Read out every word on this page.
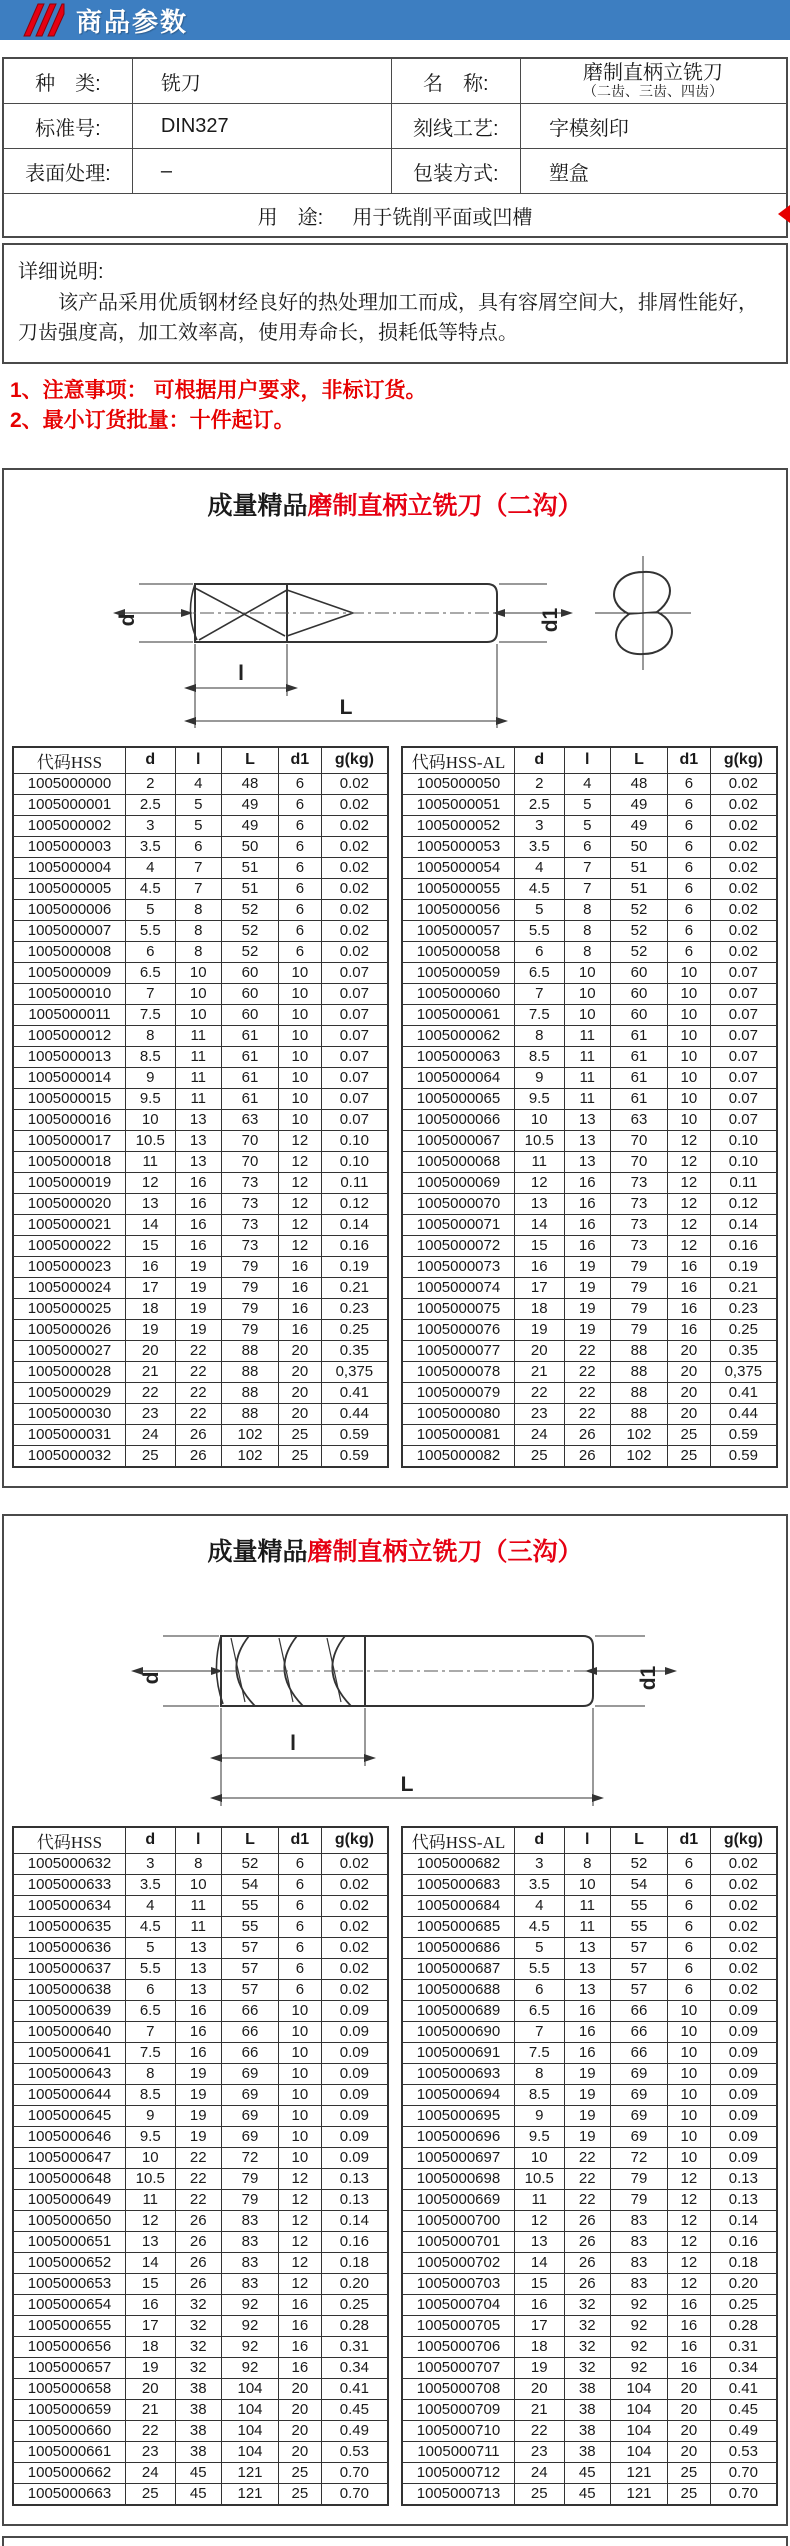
商品参数
种　类:	铣刀	名　称:	磨制直柄立铣刀
（二齿、三齿、四齿）

标准号:	DIN327	刻线工艺:	字模刻印
表面处理:	–	包装方式:	塑盒
用　途: 用于铣削平面或凹槽			
详细说明:
该产品采用优质钢材经良好的热处理加工而成，具有容屑空间大，排屑性能好，刀齿强度高，加工效率高，使用寿命长，损耗低等特点。
1、注意事项： 可根据用户要求，非标订货。
2、最小订货批量：十件起订。
成量精品磨制直柄立铣刀（二沟）
d	d1
l
L
代码HSS	d	l	L	d1	g(kg)
1005000000	2	4	48	6	0.02
1005000001	2.5	5	49	6	0.02
1005000002	3	5	49	6	0.02
1005000003	3.5	6	50	6	0.02
1005000004	4	7	51	6	0.02
1005000005	4.5	7	51	6	0.02
1005000006	5	8	52	6	0.02
1005000007	5.5	8	52	6	0.02
1005000008	6	8	52	6	0.02
1005000009	6.5	10	60	10	0.07
1005000010	7	10	60	10	0.07
1005000011	7.5	10	60	10	0.07
1005000012	8	11	61	10	0.07
1005000013	8.5	11	61	10	0.07
1005000014	9	11	61	10	0.07
1005000015	9.5	11	61	10	0.07
1005000016	10	13	63	10	0.07
1005000017	10.5	13	70	12	0.10
1005000018	11	13	70	12	0.10
1005000019	12	16	73	12	0.11
1005000020	13	16	73	12	0.12
1005000021	14	16	73	12	0.14
1005000022	15	16	73	12	0.16
1005000023	16	19	79	16	0.19
1005000024	17	19	79	16	0.21
1005000025	18	19	79	16	0.23
1005000026	19	19	79	16	0.25
1005000027	20	22	88	20	0.35
1005000028	21	22	88	20	0,375
1005000029	22	22	88	20	0.41
1005000030	23	22	88	20	0.44
1005000031	24	26	102	25	0.59
1005000032	25	26	102	25	0.59
代码HSS-AL	d	l	L	d1	g(kg)
1005000050	2	4	48	6	0.02
1005000051	2.5	5	49	6	0.02
1005000052	3	5	49	6	0.02
1005000053	3.5	6	50	6	0.02
1005000054	4	7	51	6	0.02
1005000055	4.5	7	51	6	0.02
1005000056	5	8	52	6	0.02
1005000057	5.5	8	52	6	0.02
1005000058	6	8	52	6	0.02
1005000059	6.5	10	60	10	0.07
1005000060	7	10	60	10	0.07
1005000061	7.5	10	60	10	0.07
1005000062	8	11	61	10	0.07
1005000063	8.5	11	61	10	0.07
1005000064	9	11	61	10	0.07
1005000065	9.5	11	61	10	0.07
1005000066	10	13	63	10	0.07
1005000067	10.5	13	70	12	0.10
1005000068	11	13	70	12	0.10
1005000069	12	16	73	12	0.11
1005000070	13	16	73	12	0.12
1005000071	14	16	73	12	0.14
1005000072	15	16	73	12	0.16
1005000073	16	19	79	16	0.19
1005000074	17	19	79	16	0.21
1005000075	18	19	79	16	0.23
1005000076	19	19	79	16	0.25
1005000077	20	22	88	20	0.35
1005000078	21	22	88	20	0,375
1005000079	22	22	88	20	0.41
1005000080	23	22	88	20	0.44
1005000081	24	26	102	25	0.59
1005000082	25	26	102	25	0.59
成量精品磨制直柄立铣刀（三沟）
d	d1
l
L
代码HSS	d	l	L	d1	g(kg)
1005000632	3	8	52	6	0.02
1005000633	3.5	10	54	6	0.02
1005000634	4	11	55	6	0.02
1005000635	4.5	11	55	6	0.02
1005000636	5	13	57	6	0.02
1005000637	5.5	13	57	6	0.02
1005000638	6	13	57	6	0.02
1005000639	6.5	16	66	10	0.09
1005000640	7	16	66	10	0.09
1005000641	7.5	16	66	10	0.09
1005000643	8	19	69	10	0.09
1005000644	8.5	19	69	10	0.09
1005000645	9	19	69	10	0.09
1005000646	9.5	19	69	10	0.09
1005000647	10	22	72	10	0.09
1005000648	10.5	22	79	12	0.13
1005000649	11	22	79	12	0.13
1005000650	12	26	83	12	0.14
1005000651	13	26	83	12	0.16
1005000652	14	26	83	12	0.18
1005000653	15	26	83	12	0.20
1005000654	16	32	92	16	0.25
1005000655	17	32	92	16	0.28
1005000656	18	32	92	16	0.31
1005000657	19	32	92	16	0.34
1005000658	20	38	104	20	0.41
1005000659	21	38	104	20	0.45
1005000660	22	38	104	20	0.49
1005000661	23	38	104	20	0.53
1005000662	24	45	121	25	0.70
1005000663	25	45	121	25	0.70
代码HSS-AL	d	l	L	d1	g(kg)
1005000682	3	8	52	6	0.02
1005000683	3.5	10	54	6	0.02
1005000684	4	11	55	6	0.02
1005000685	4.5	11	55	6	0.02
1005000686	5	13	57	6	0.02
1005000687	5.5	13	57	6	0.02
1005000688	6	13	57	6	0.02
1005000689	6.5	16	66	10	0.09
1005000690	7	16	66	10	0.09
1005000691	7.5	16	66	10	0.09
1005000693	8	19	69	10	0.09
1005000694	8.5	19	69	10	0.09
1005000695	9	19	69	10	0.09
1005000696	9.5	19	69	10	0.09
1005000697	10	22	72	10	0.09
1005000698	10.5	22	79	12	0.13
1005000669	11	22	79	12	0.13
1005000700	12	26	83	12	0.14
1005000701	13	26	83	12	0.16
1005000702	14	26	83	12	0.18
1005000703	15	26	83	12	0.20
1005000704	16	32	92	16	0.25
1005000705	17	32	92	16	0.28
1005000706	18	32	92	16	0.31
1005000707	19	32	92	16	0.34
1005000708	20	38	104	20	0.41
1005000709	21	38	104	20	0.45
1005000710	22	38	104	20	0.49
1005000711	23	38	104	20	0.53
1005000712	24	45	121	25	0.70
1005000713	25	45	121	25	0.70
